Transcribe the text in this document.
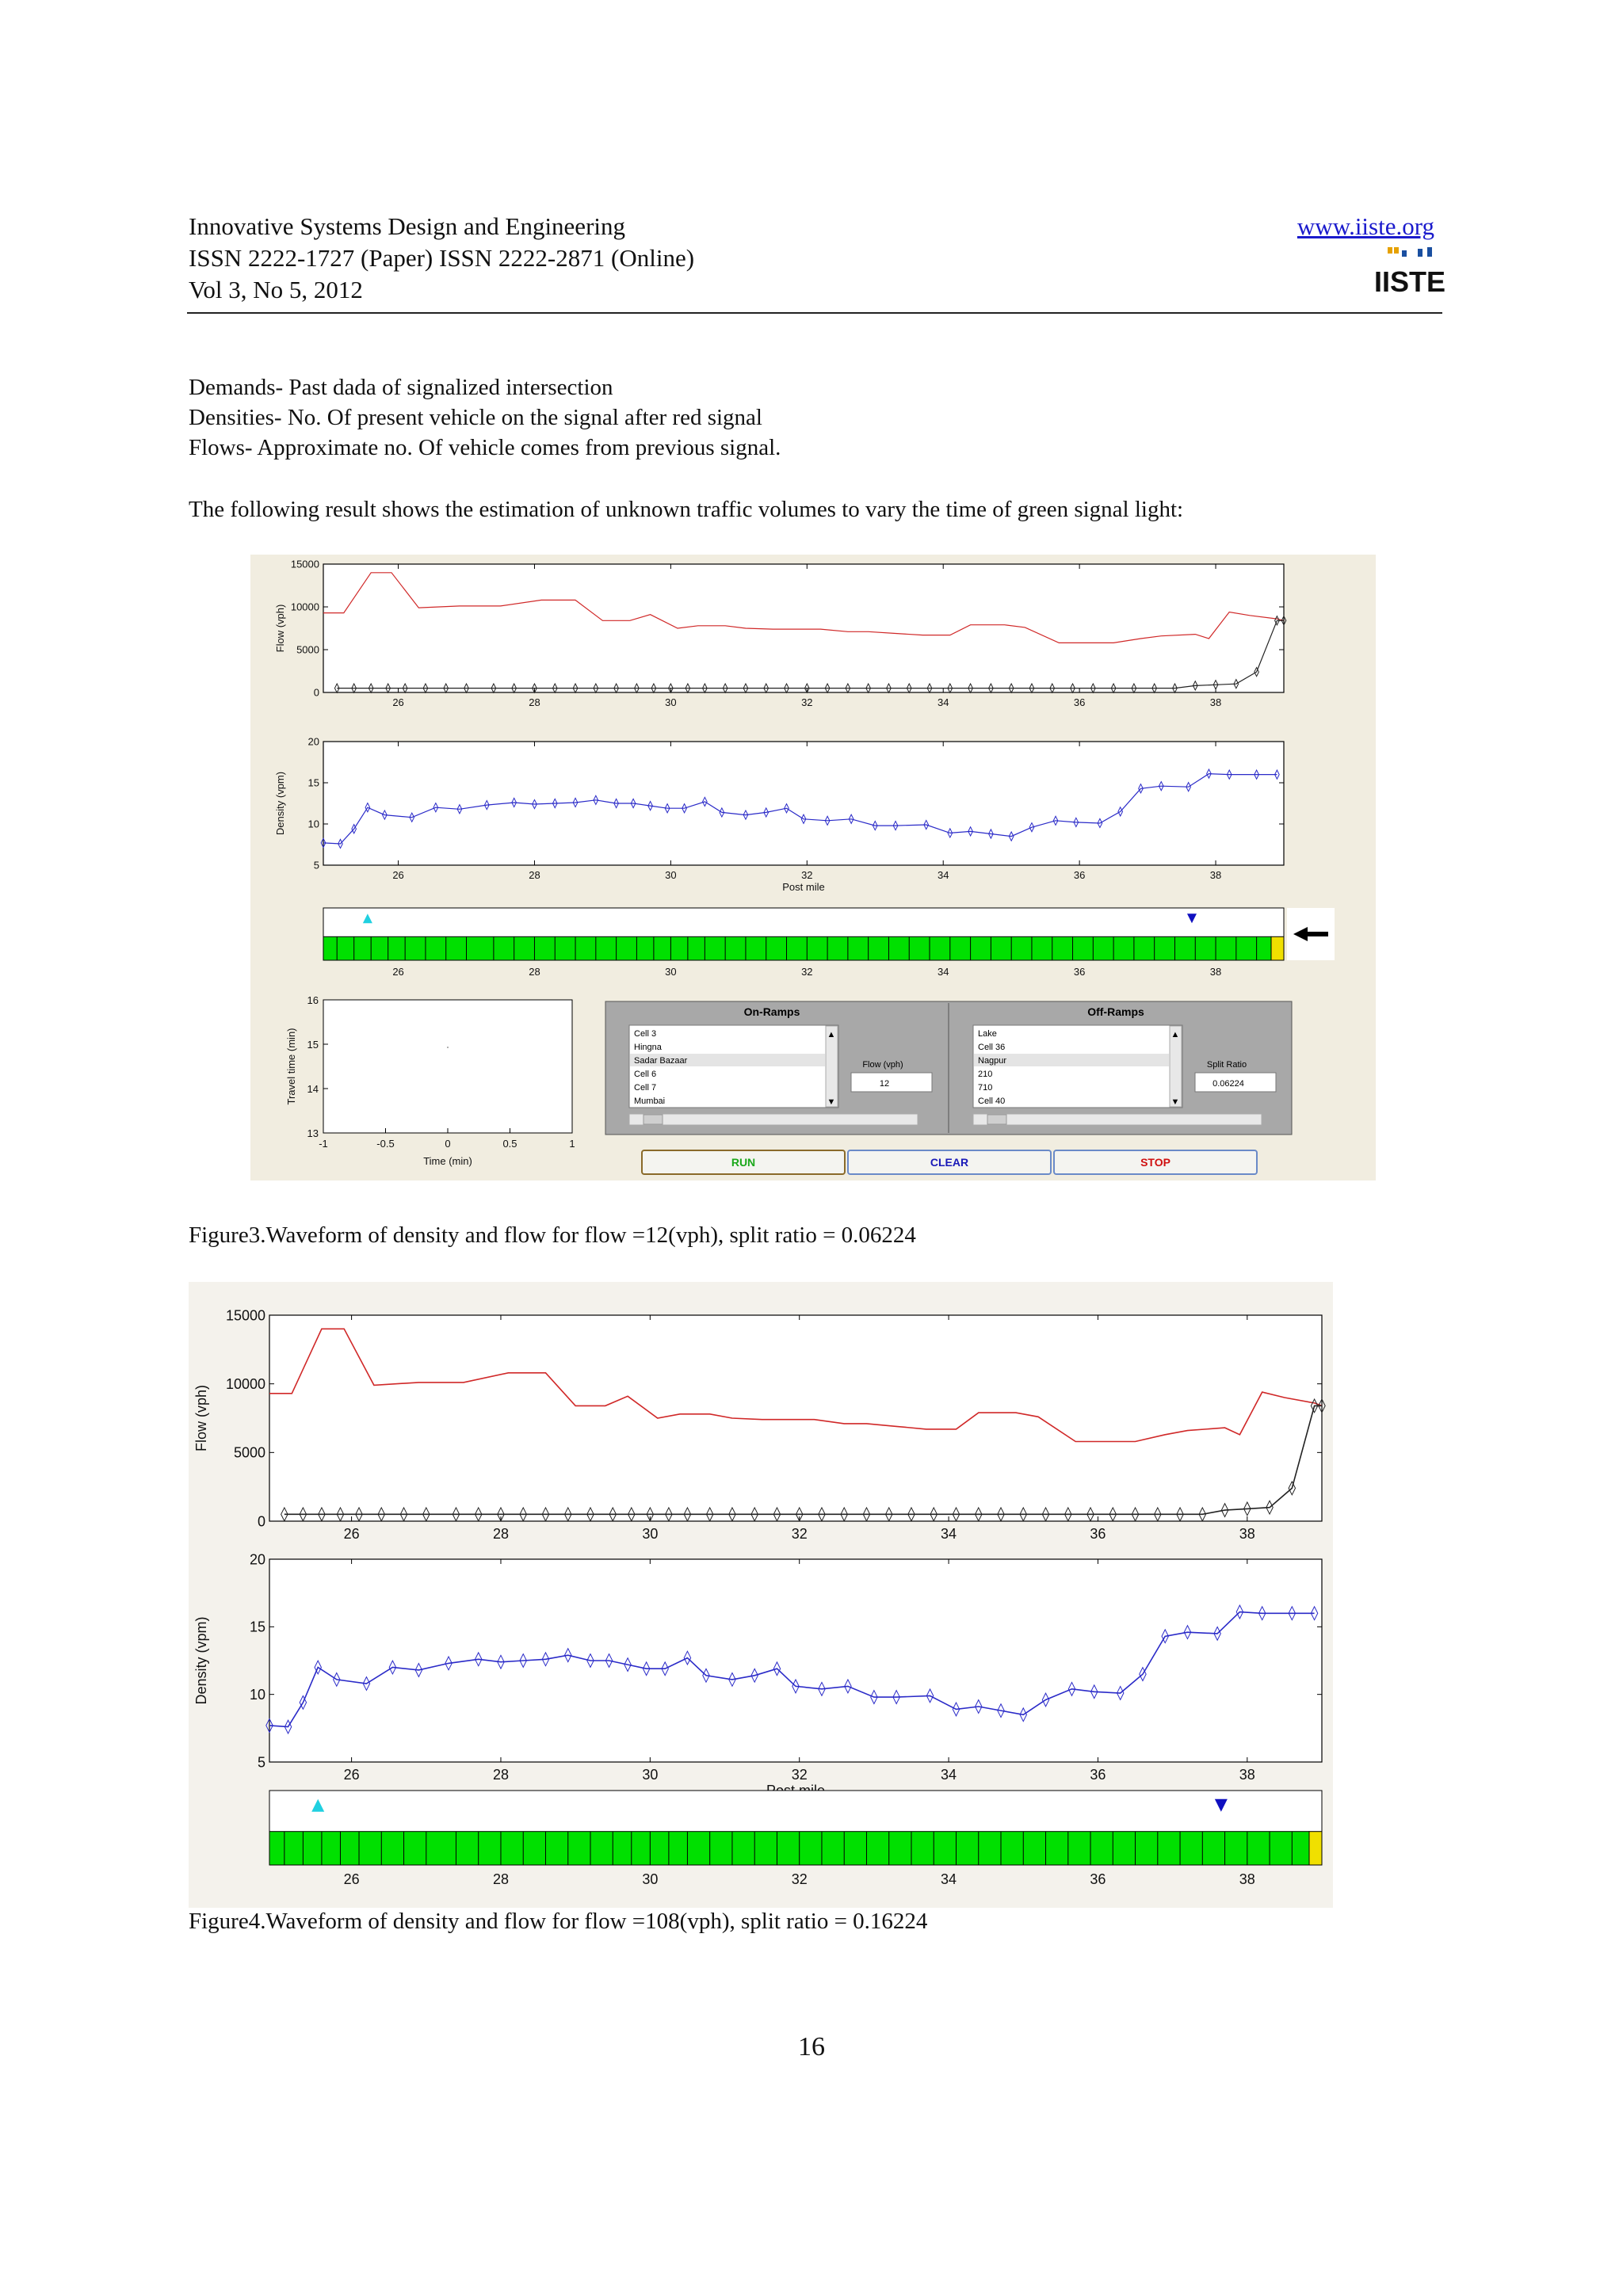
Innovative Systems Design and Engineering
ISSN 2222-1727 (Paper) ISSN 2222-2871 (Online)
Vol 3, No 5, 2012
www.iiste.org
IISTE
Demands- Past dada of signalized intersection
Densities- No. Of present vehicle on the signal after red signal
Flows- Approximate no. Of vehicle comes from previous signal.
The following result shows the estimation of unknown traffic volumes to vary the time of green signal light:
26	28	30	32	34	36	38
0
5000
10000
15000
Flow (vph)
26	28	30	32	34	36	38
5
10
15
20
Density (vpm)
Post mile
26	28	30	32	34	36	38
16
15
14
13
-1	-0.5	0	0.5	1
Time (min)
Travel time (min)
On-Ramps
Cell 3
Hingna
Sadar Bazaar
Cell 6
Cell 7
Mumbai
▲
▼
Flow (vph)
12
Off-Ramps
Lake
Cell 36
Nagpur
210
710
Cell 40
▲
▼
Split Ratio
0.06224
RUN	CLEAR	STOP
Figure3.Waveform of density and flow for flow =12(vph), split ratio = 0.06224
26	28	30	32	34	36	38
0
5000
10000
15000
Flow (vph)
26	28	30	32	34	36	38
5
10
15
20
Density (vpm)
26	28	30	32	34	36	38
Figure4.Waveform of density and flow for flow =108(vph), split ratio = 0.16224
16
